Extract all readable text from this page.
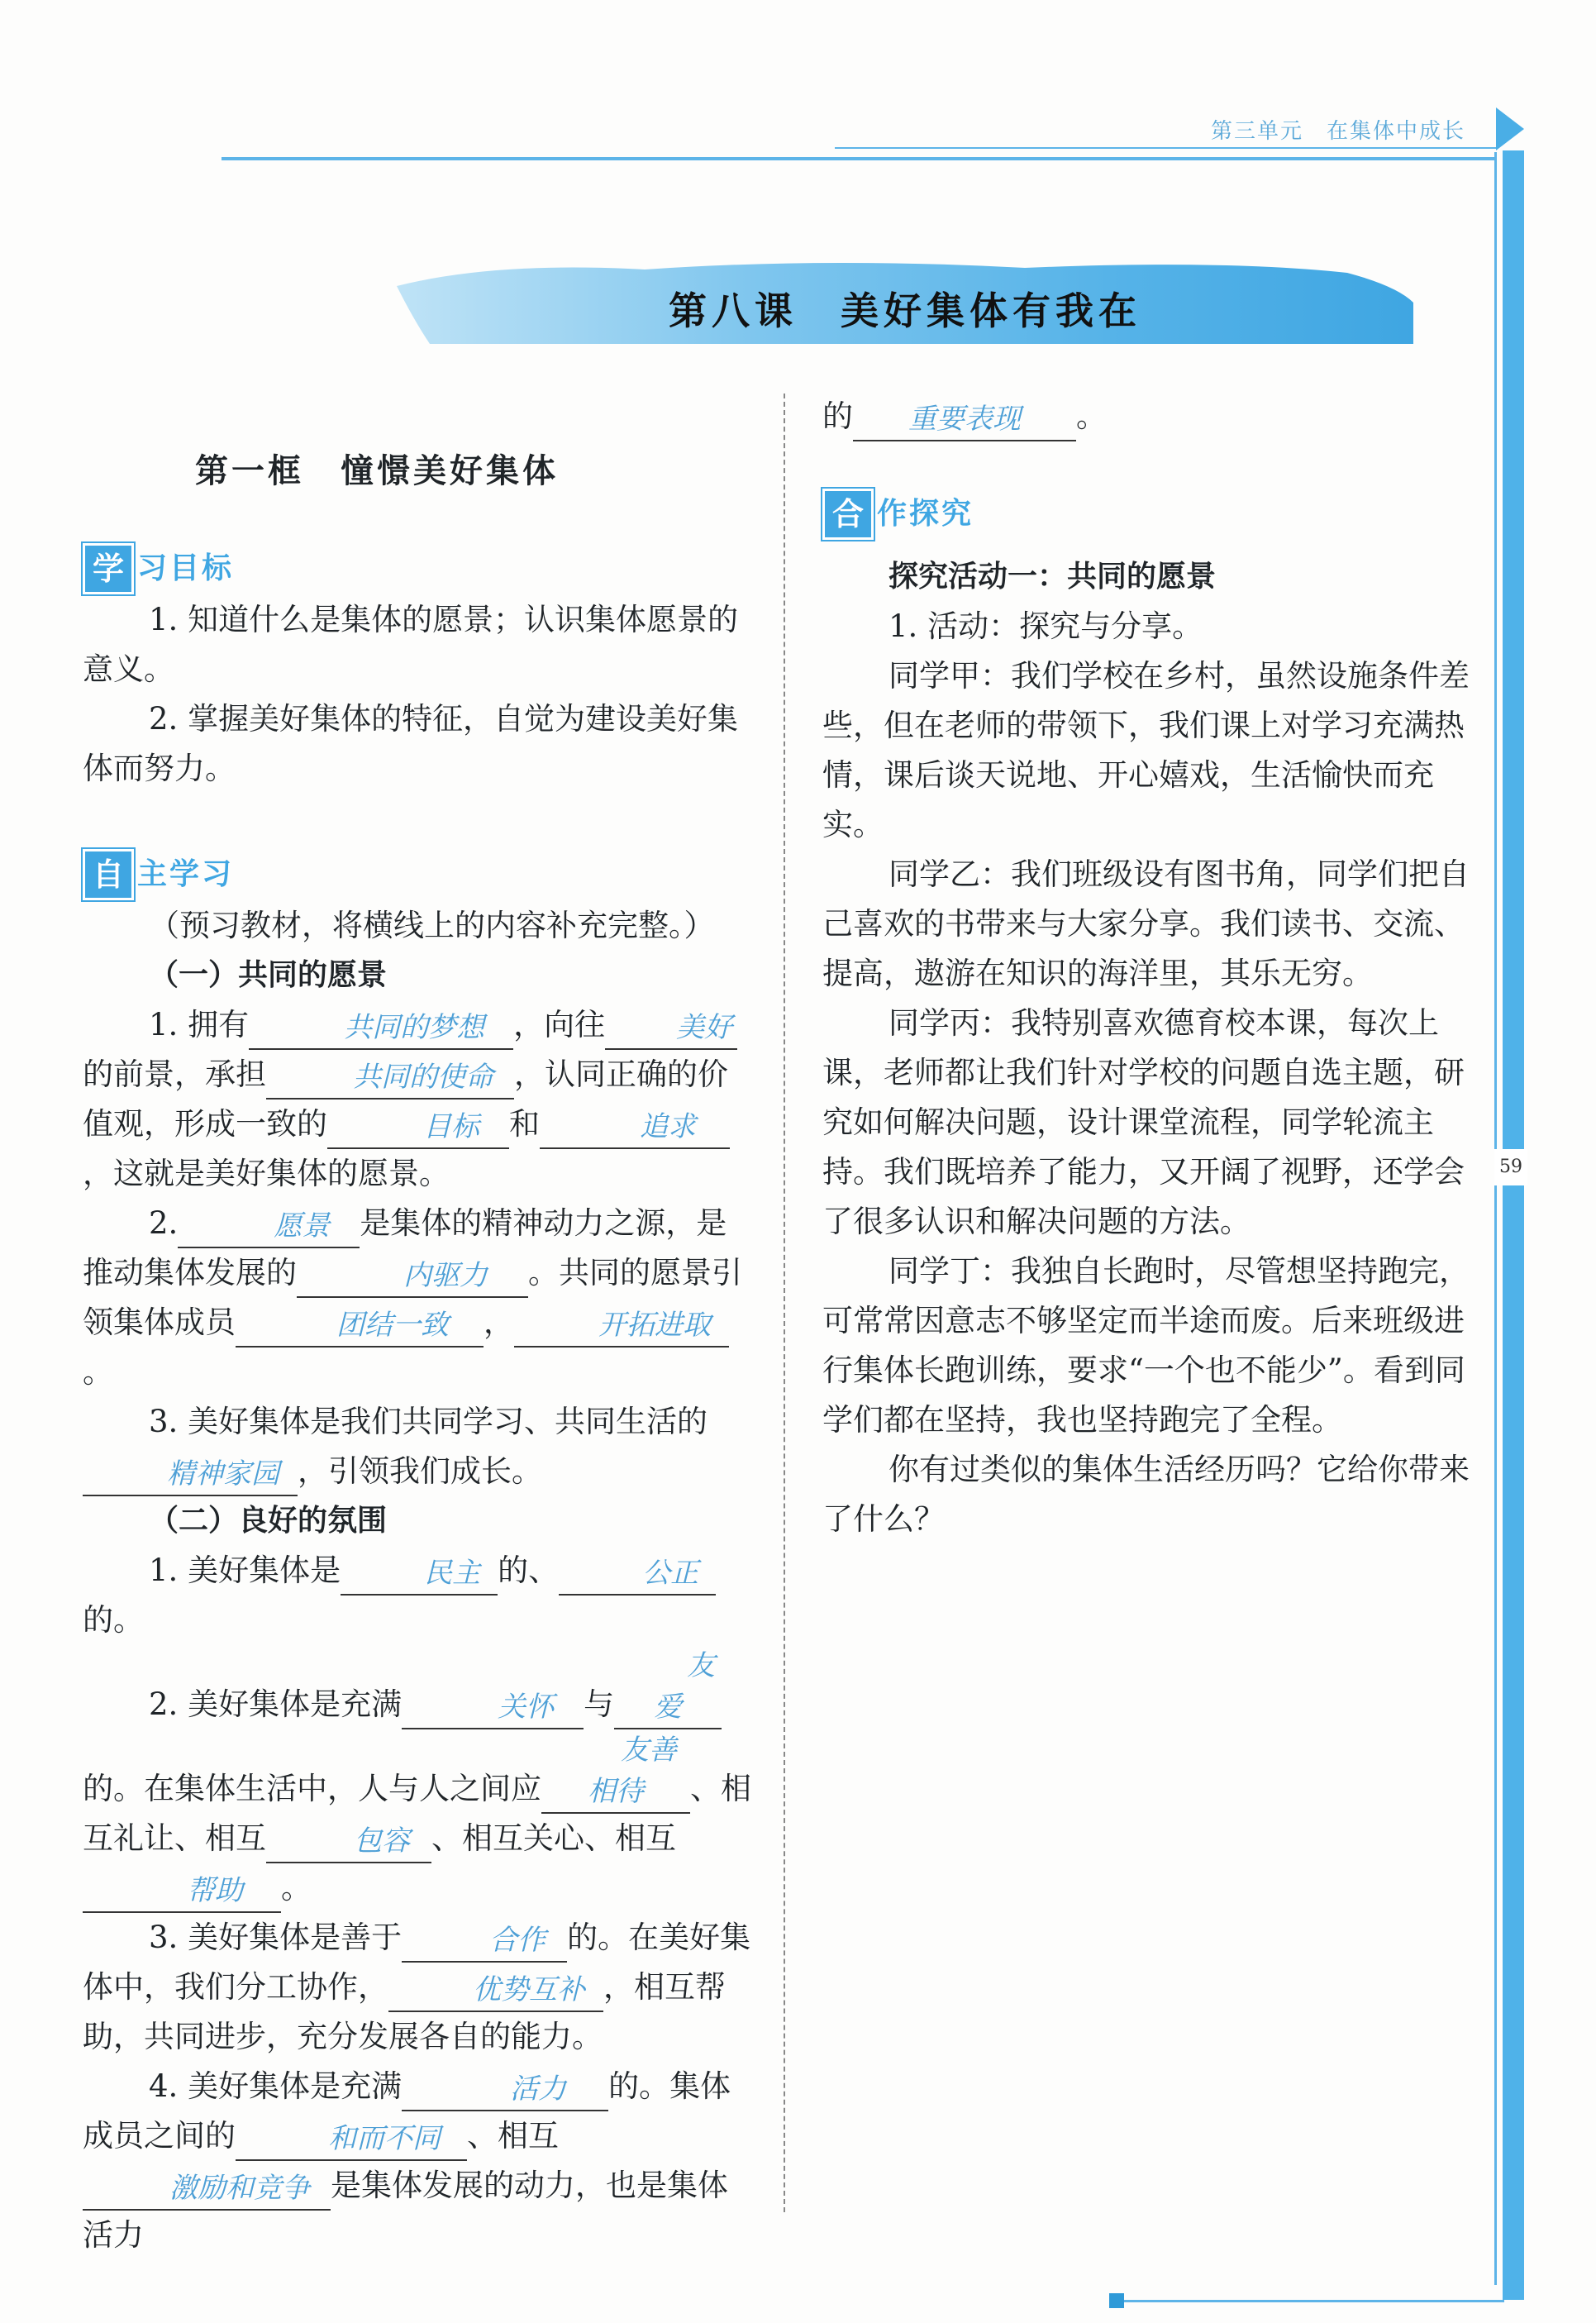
第三单元　在集体中成长
59
第八课　美好集体有我在
第一框　憧憬美好集体
学 习目标

1. 知道什么是集体的愿景；认识集体愿景的意义。

2. 掌握美好集体的特征，自觉为建设美好集体而努力。

自 主学习

（预习教材，将横线上的内容补充完整。）

（一）共同的愿景

1. 拥有	共同的梦想 ，向往	美好的前景，承担	共同的使命 ，认同正确的价值观，形成一致的	目标 和	追求，这就是美好集体的愿景。

2.	愿景 是集体的精神动力之源，是推动集体发展的	内驱力 。共同的愿景引领集体成员	团结一致 ，	开拓进取。

3. 美好集体是我们共同学习、共同生活的精神家园 ，引领我们成长。

（二）良好的氛围

1. 美好集体是	民主 的、	公正的。

2. 美好集体是充满	关怀 与友爱的。在集体生活中，人与人之间应友善相待 、相互礼让、相互	包容 、相互关心、相互帮助 。

3. 美好集体是善于	合作 的。在美好集体中，我们分工协作，	优势互补 ，相互帮助，共同进步，充分发展各自的能力。

4. 美好集体是充满	活力 的。集体成员之间的	和而不同 、相互激励和竞争 是集体发展的动力，也是集体活力

的 重要表现 。

合 作探究

探究活动一：共同的愿景

1. 活动：探究与分享。

同学甲：我们学校在乡村，虽然设施条件差些，但在老师的带领下，我们课上对学习充满热情，课后谈天说地、开心嬉戏，生活愉快而充实。

同学乙：我们班级设有图书角，同学们把自己喜欢的书带来与大家分享。我们读书、交流、提高，遨游在知识的海洋里，其乐无穷。

同学丙：我特别喜欢德育校本课，每次上课，老师都让我们针对学校的问题自选主题，研究如何解决问题，设计课堂流程，同学轮流主持。我们既培养了能力，又开阔了视野，还学会了很多认识和解决问题的方法。

同学丁：我独自长跑时，尽管想坚持跑完，可常常因意志不够坚定而半途而废。后来班级进行集体长跑训练，要求“一个也不能少”。看到同学们都在坚持，我也坚持跑完了全程。

你有过类似的集体生活经历吗？它给你带来了什么？
